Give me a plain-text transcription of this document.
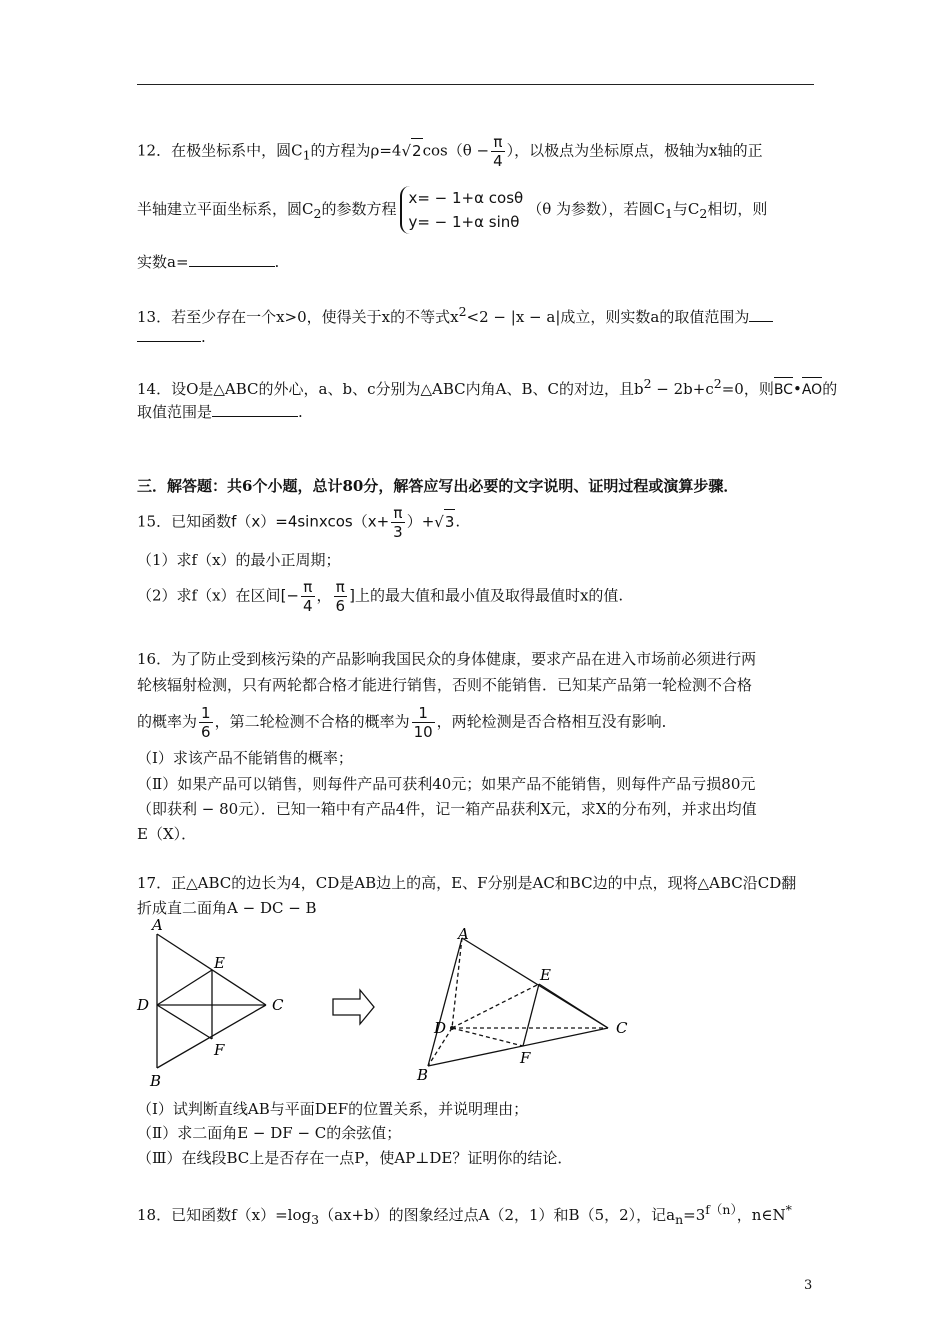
12．在极坐标系中，圆$C_1$的方程为$\rho=4√2\cos(\theta - \frac{\pi}{4}$ ），以极点为坐标原点，极轴为x轴的正
半轴建立平面坐标系，圆$C_2$的参数方程
x= − 1+α cosθ
y= − 1+α sinθ
（θ 为参数），若圆$C_1$与$C_2$相切，则
实数a=	.
13．若至少存在一个x>0，使得关于x的不等式$x^2<2 - |x - a|$成立，则实数a的取值范围为
.
14．设O是△ABC的外心，a、b、c分别为△ABC内角A、B、C的对边，且$b^2 - 2b+c^2=0$，则BC•AO的
取值范围是	.
三．解答题：共6个小题，总计80分，解答应写出必要的文字说明、证明过程或演算步骤．
15．已知函数f（x）=4sinxcos（x+ $\frac{\pi}{3} )+√3$.
（1）求f（x）的最小正周期；
（2）求f（x）在区间[− $\frac{\pi}{4}$ ， $\frac{\pi}{6}$ ]上的最大值和最小值及取得最值时x的值.
16．为了防止受到核污染的产品影响我国民众的身体健康，要求产品在进入市场前必须进行两
轮核辐射检测，只有两轮都合格才能进行销售，否则不能销售．已知某产品第一轮检测不合格
的概率为 $\frac{1}{6}$ ，第二轮检测不合格的概率为 $\frac{1}{10}$ ，两轮检测是否合格相互没有影响．
（Ⅰ）求该产品不能销售的概率；
（Ⅱ）如果产品可以销售，则每件产品可获利40元；如果产品不能销售，则每件产品亏损80元
（即获利 − 80元）．已知一箱中有产品4件，记一箱产品获利X元，求X的分布列，并求出均值
E（X）．
17．正△ABC的边长为4，CD是AB边上的高，E、F分别是AC和BC边的中点，现将△ABC沿CD翻
折成直二面角A − DC − B
A
B
C
D
E
F
A
B
C
D
E
F
（Ⅰ）试判断直线AB与平面DEF的位置关系，并说明理由；
（Ⅱ）求二面角E − DF − C的余弦值；
（Ⅲ）在线段BC上是否存在一点P，使AP⊥DE？证明你的结论．
18．已知函数$f(x)=\log_3(ax+b)$的图象经过点A（2，1）和B（5，2），记$a_n=3^{f(n)}$，n∈N*
3
